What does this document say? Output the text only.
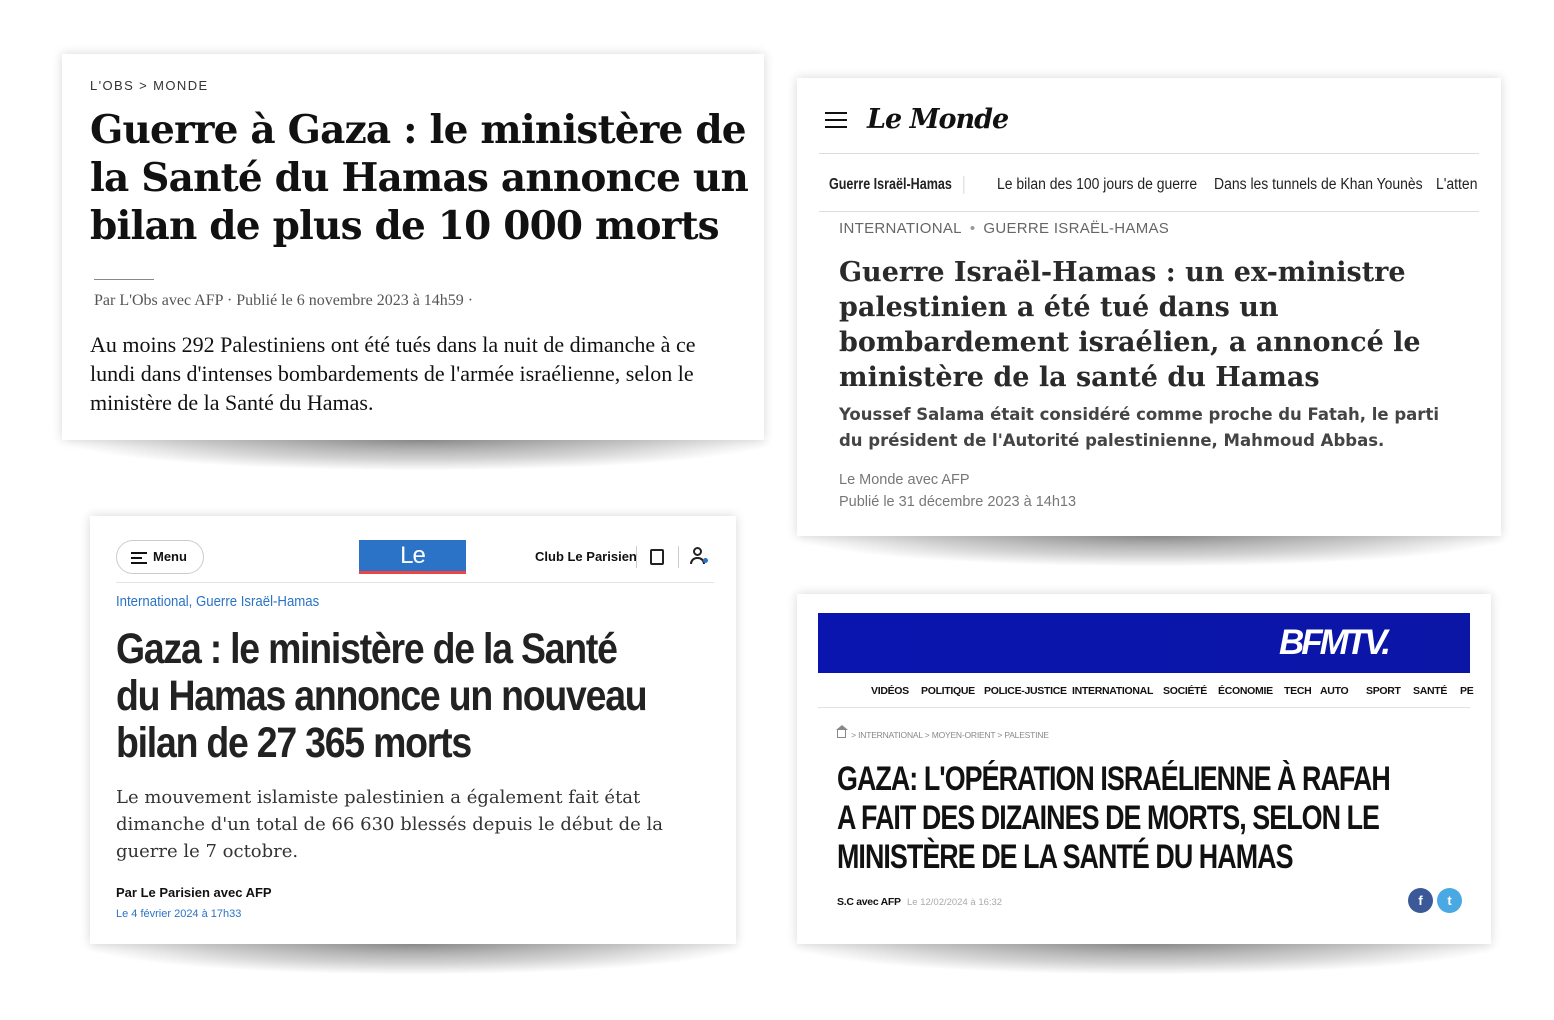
L'OBS > MONDE
Guerre à Gaza : le ministère de la Santé du Hamas annonce un bilan de plus de 10 000 morts
Par L'Obs avec AFP · Publié le 6 novembre 2023 à 14h59 ·

Au moins 292 Palestiniens ont été tués dans la nuit de dimanche à ce lundi dans d'intenses bombardements de l'armée israélienne, selon le ministère de la Santé du Hamas.

Le Monde
Guerre Israël-Hamas	Le bilan des 100 jours de guerre Dans les tunnels de Khan Younès L'atten
INTERNATIONAL • GUERRE ISRAËL-HAMAS
Guerre Israël-Hamas : un ex-ministre palestinien a été tué dans un bombardement israélien, a annoncé le ministère de la santé du Hamas

Youssef Salama était considéré comme proche du Fatah, le parti du président de l'Autorité palestinienne, Mahmoud Abbas.

Le Monde avec AFP
Publié le 31 décembre 2023 à 14h13
Menu	Le Parisien
Club Le Parisien
International, Guerre Israël-Hamas
Gaza : le ministère de la Santé du Hamas annonce un nouveau bilan de 27 365 morts

Le mouvement islamiste palestinien a également fait état dimanche d'un total de 66 630 blessés depuis le début de la guerre le 7 octobre.

Par Le Parisien avec AFP
Le 4 février 2024 à 17h33
BFMTV.
VIDÉOS POLITIQUE POLICE-JUSTICE INTERNATIONAL SOCIÉTÉ ÉCONOMIE TECH AUTO SPORT SANTÉ PE
> INTERNATIONAL > MOYEN-ORIENT > PALESTINE
GAZA: L'OPÉRATION ISRAÉLIENNE À RAFAH A FAIT DES DIZAINES DE MORTS, SELON LE MINISTÈRE DE LA SANTÉ DU HAMAS
S.C avec AFP Le 12/02/2024 à 16:32	f	t
